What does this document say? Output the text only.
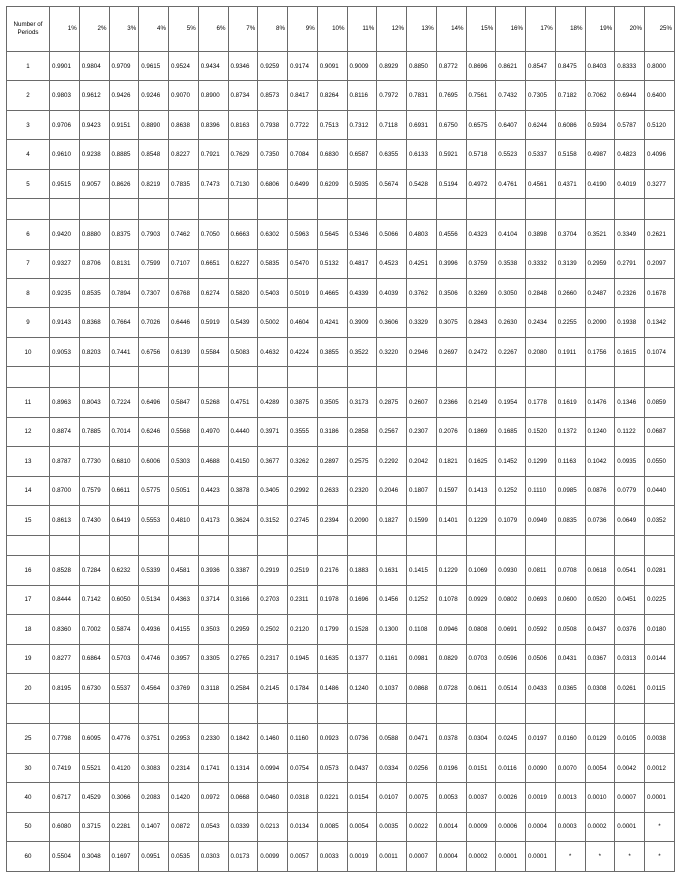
Number of Periods	1%	2%	3%	4%	5%	6%	7%	8%	9%	10%	11%	12%	13%	14%	15%	16%	17%	18%	19%	20%	25%
1	0.9901	0.9804	0.9709	0.9615	0.9524	0.9434	0.9346	0.9259	0.9174	0.9091	0.9009	0.8929	0.8850	0.8772	0.8696	0.8621	0.8547	0.8475	0.8403	0.8333	0.8000
2	0.9803	0.9612	0.9426	0.9246	0.9070	0.8900	0.8734	0.8573	0.8417	0.8264	0.8116	0.7972	0.7831	0.7695	0.7561	0.7432	0.7305	0.7182	0.7062	0.6944	0.6400
3	0.9706	0.9423	0.9151	0.8890	0.8638	0.8396	0.8163	0.7938	0.7722	0.7513	0.7312	0.7118	0.6931	0.6750	0.6575	0.6407	0.6244	0.6086	0.5934	0.5787	0.5120
4	0.9610	0.9238	0.8885	0.8548	0.8227	0.7921	0.7629	0.7350	0.7084	0.6830	0.6587	0.6355	0.6133	0.5921	0.5718	0.5523	0.5337	0.5158	0.4987	0.4823	0.4096
5	0.9515	0.9057	0.8626	0.8219	0.7835	0.7473	0.7130	0.6806	0.6499	0.6209	0.5935	0.5674	0.5428	0.5194	0.4972	0.4761	0.4561	0.4371	0.4190	0.4019	0.3277

6	0.9420	0.8880	0.8375	0.7903	0.7462	0.7050	0.6663	0.6302	0.5963	0.5645	0.5346	0.5066	0.4803	0.4556	0.4323	0.4104	0.3898	0.3704	0.3521	0.3349	0.2621
7	0.9327	0.8706	0.8131	0.7599	0.7107	0.6651	0.6227	0.5835	0.5470	0.5132	0.4817	0.4523	0.4251	0.3996	0.3759	0.3538	0.3332	0.3139	0.2959	0.2791	0.2097
8	0.9235	0.8535	0.7894	0.7307	0.6768	0.6274	0.5820	0.5403	0.5019	0.4665	0.4339	0.4039	0.3762	0.3506	0.3269	0.3050	0.2848	0.2660	0.2487	0.2326	0.1678
9	0.9143	0.8368	0.7664	0.7026	0.6446	0.5919	0.5439	0.5002	0.4604	0.4241	0.3909	0.3606	0.3329	0.3075	0.2843	0.2630	0.2434	0.2255	0.2090	0.1938	0.1342
10	0.9053	0.8203	0.7441	0.6756	0.6139	0.5584	0.5083	0.4632	0.4224	0.3855	0.3522	0.3220	0.2946	0.2697	0.2472	0.2267	0.2080	0.1911	0.1756	0.1615	0.1074

11	0.8963	0.8043	0.7224	0.6496	0.5847	0.5268	0.4751	0.4289	0.3875	0.3505	0.3173	0.2875	0.2607	0.2366	0.2149	0.1954	0.1778	0.1619	0.1476	0.1346	0.0859
12	0.8874	0.7885	0.7014	0.6246	0.5568	0.4970	0.4440	0.3971	0.3555	0.3186	0.2858	0.2567	0.2307	0.2076	0.1869	0.1685	0.1520	0.1372	0.1240	0.1122	0.0687
13	0.8787	0.7730	0.6810	0.6006	0.5303	0.4688	0.4150	0.3677	0.3262	0.2897	0.2575	0.2292	0.2042	0.1821	0.1625	0.1452	0.1299	0.1163	0.1042	0.0935	0.0550
14	0.8700	0.7579	0.6611	0.5775	0.5051	0.4423	0.3878	0.3405	0.2992	0.2633	0.2320	0.2046	0.1807	0.1597	0.1413	0.1252	0.1110	0.0985	0.0876	0.0779	0.0440
15	0.8613	0.7430	0.6419	0.5553	0.4810	0.4173	0.3624	0.3152	0.2745	0.2394	0.2090	0.1827	0.1599	0.1401	0.1229	0.1079	0.0949	0.0835	0.0736	0.0649	0.0352

16	0.8528	0.7284	0.6232	0.5339	0.4581	0.3936	0.3387	0.2919	0.2519	0.2176	0.1883	0.1631	0.1415	0.1229	0.1069	0.0930	0.0811	0.0708	0.0618	0.0541	0.0281
17	0.8444	0.7142	0.6050	0.5134	0.4363	0.3714	0.3166	0.2703	0.2311	0.1978	0.1696	0.1456	0.1252	0.1078	0.0929	0.0802	0.0693	0.0600	0.0520	0.0451	0.0225
18	0.8360	0.7002	0.5874	0.4936	0.4155	0.3503	0.2959	0.2502	0.2120	0.1799	0.1528	0.1300	0.1108	0.0946	0.0808	0.0691	0.0592	0.0508	0.0437	0.0376	0.0180
19	0.8277	0.6864	0.5703	0.4746	0.3957	0.3305	0.2765	0.2317	0.1945	0.1635	0.1377	0.1161	0.0981	0.0829	0.0703	0.0596	0.0506	0.0431	0.0367	0.0313	0.0144
20	0.8195	0.6730	0.5537	0.4564	0.3769	0.3118	0.2584	0.2145	0.1784	0.1486	0.1240	0.1037	0.0868	0.0728	0.0611	0.0514	0.0433	0.0365	0.0308	0.0261	0.0115

25	0.7798	0.6095	0.4776	0.3751	0.2953	0.2330	0.1842	0.1460	0.1160	0.0923	0.0736	0.0588	0.0471	0.0378	0.0304	0.0245	0.0197	0.0160	0.0129	0.0105	0.0038
30	0.7419	0.5521	0.4120	0.3083	0.2314	0.1741	0.1314	0.0994	0.0754	0.0573	0.0437	0.0334	0.0256	0.0196	0.0151	0.0116	0.0090	0.0070	0.0054	0.0042	0.0012
40	0.6717	0.4529	0.3066	0.2083	0.1420	0.0972	0.0668	0.0460	0.0318	0.0221	0.0154	0.0107	0.0075	0.0053	0.0037	0.0026	0.0019	0.0013	0.0010	0.0007	0.0001
50	0.6080	0.3715	0.2281	0.1407	0.0872	0.0543	0.0339	0.0213	0.0134	0.0085	0.0054	0.0035	0.0022	0.0014	0.0009	0.0006	0.0004	0.0003	0.0002	0.0001	*
60	0.5504	0.3048	0.1697	0.0951	0.0535	0.0303	0.0173	0.0099	0.0057	0.0033	0.0019	0.0011	0.0007	0.0004	0.0002	0.0001	0.0001	*	*	*	*
